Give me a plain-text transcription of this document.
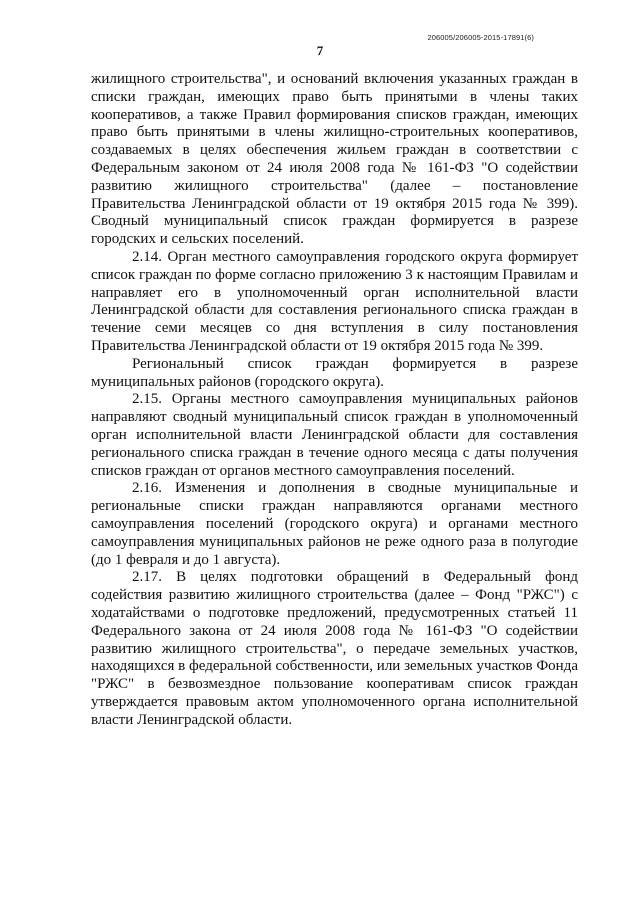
206005/206005-2015-17891(6)
7

жилищного строительства", и оснований включения указанных граждан в списки граждан, имеющих право быть принятыми в члены таких кооперативов, а также Правил формирования списков граждан, имеющих право быть принятыми в члены жилищно-строительных кооперативов, создаваемых в целях обеспечения жильем граждан в соответствии с Федеральным законом от 24 июля 2008 года № 161-ФЗ "О содействии развитию жилищного строительства" (далее – постановление Правительства Ленинградской области от 19 октября 2015 года № 399). Сводный муниципальный список граждан формируется в разрезе городских и сельских поселений.

2.14. Орган местного самоуправления городского округа формирует список граждан по форме согласно приложению 3 к настоящим Правилам и направляет его в уполномоченный орган исполнительной власти Ленинградской области для составления регионального списка граждан в течение семи месяцев со дня вступления в силу постановления Правительства Ленинградской области от 19 октября 2015 года № 399.

Региональный список граждан формируется в разрезе муниципальных районов (городского округа).

2.15. Органы местного самоуправления муниципальных районов направляют сводный муниципальный список граждан в уполномоченный орган исполнительной власти Ленинградской области для составления регионального списка граждан в течение одного месяца с даты получения списков граждан от органов местного самоуправления поселений.

2.16. Изменения и дополнения в сводные муниципальные и региональные списки граждан направляются органами местного самоуправления поселений (городского округа) и органами местного самоуправления муниципальных районов не реже одного раза в полугодие (до 1 февраля и до 1 августа).

2.17. В целях подготовки обращений в Федеральный фонд содействия развитию жилищного строительства (далее – Фонд "РЖС") с ходатайствами о подготовке предложений, предусмотренных статьей 11 Федерального закона от 24 июля 2008 года № 161-ФЗ "О содействии развитию жилищного строительства", о передаче земельных участков, находящихся в федеральной собственности, или земельных участков Фонда "РЖС" в безвозмездное пользование кооперативам список граждан утверждается правовым актом уполномоченного органа исполнительной власти Ленинградской области.
